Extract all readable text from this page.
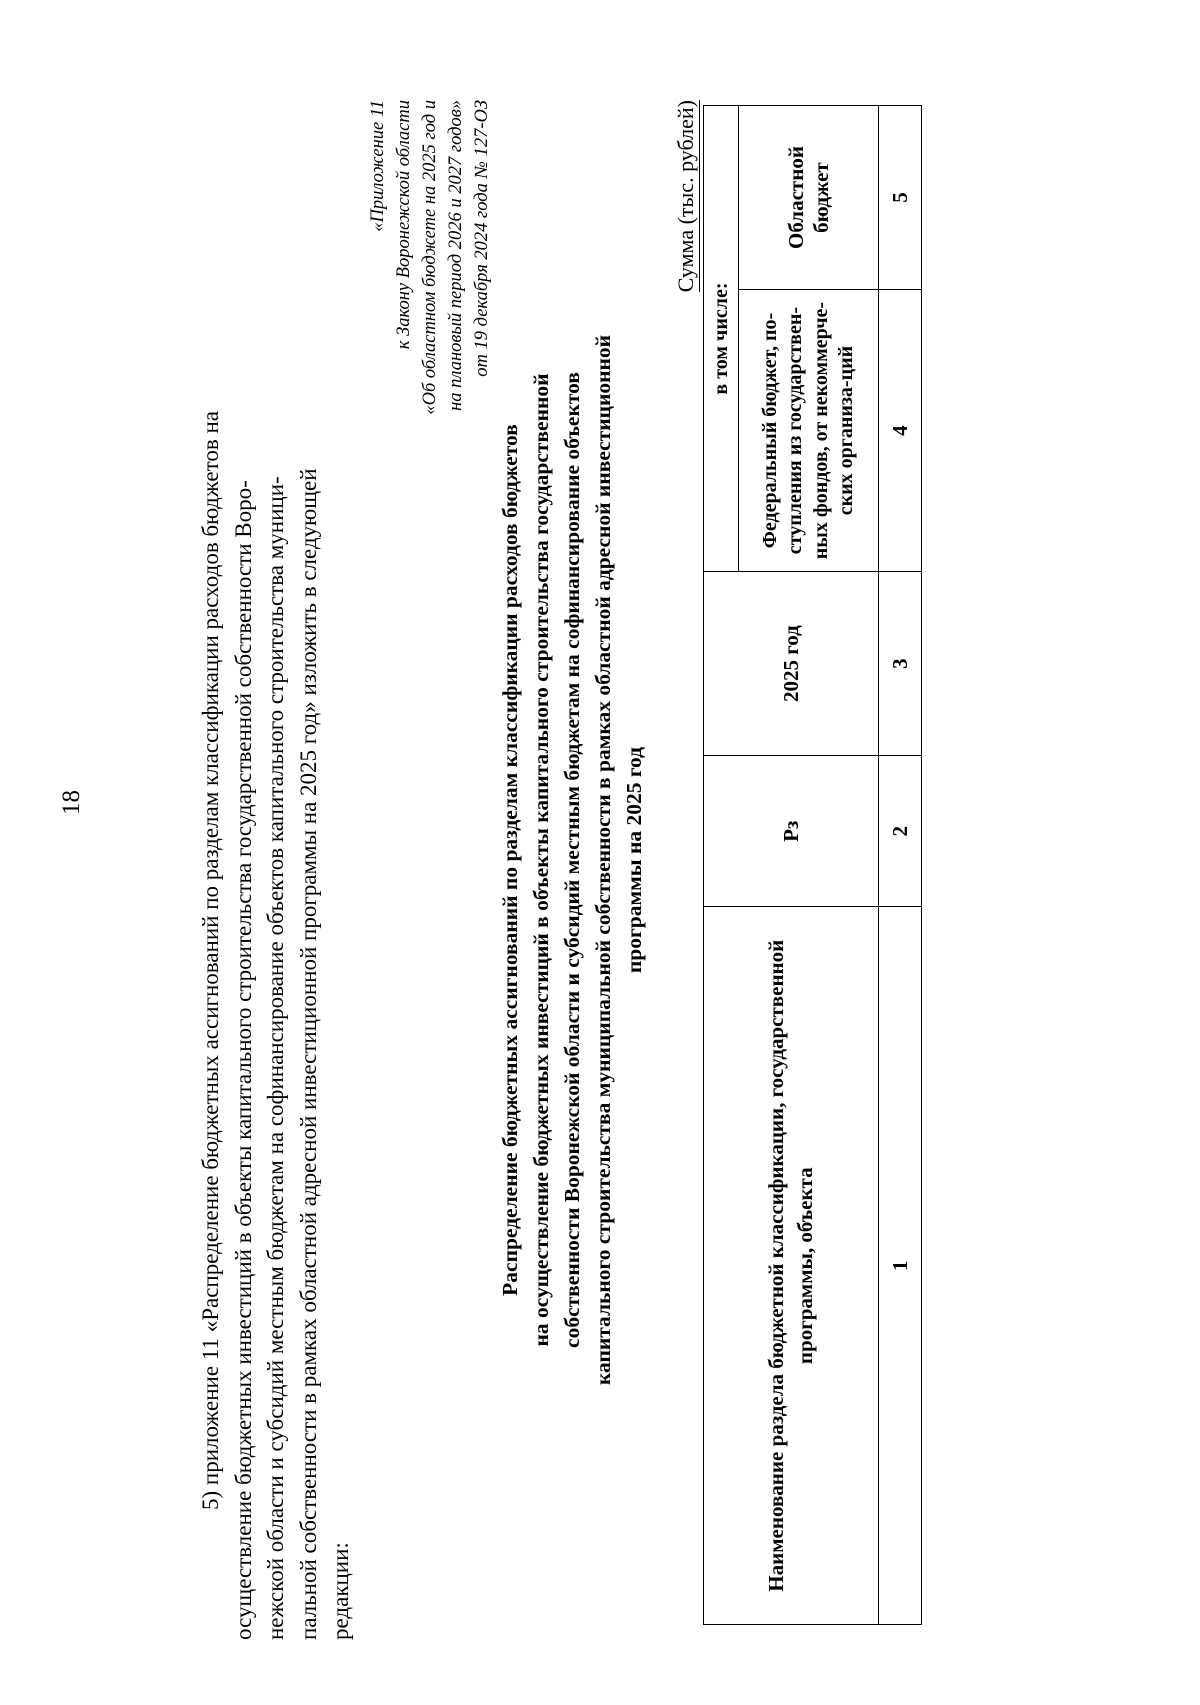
18	5) приложение 11 «Распределение бюджетных ассигнований по разделам классификации расходов бюджетов на осуществление бюджетных инвестиций в объекты капитального строительства государственной собственности Воро- нежской области и субсидий местным бюджетам на софинансирование объектов капитального строительства муници- пальной собственности в рамках областной адресной инвестиционной программы на 2025 год» изложить в следующей редакции:

«Приложение 11 к Закону Воронежской области «Об областном бюджете на 2025 год и на плановый период 2026 и 2027 годов» от 19 декабря 2024 года № 127-ОЗ
Распределение бюджетных ассигнований по разделам классификации расходов бюджетов на осуществление бюджетных инвестиций в объекты капитального строительства государственной собственности Воронежской области и субсидий местным бюджетам на софинансирование объектов капитального строительства муниципальной собственности в рамках областной адресной инвестиционной программы на 2025 год
Сумма (тыс. рублей)
Наименование раздела бюджетной классификации, государственной программы, объекта	Рз	2025 год	в том числе:	
			Федеральный бюджет, по-ступления из государствен-ных фондов, от некоммерче-ских организа-ций	Областной бюджет
1	2	3	4	5
